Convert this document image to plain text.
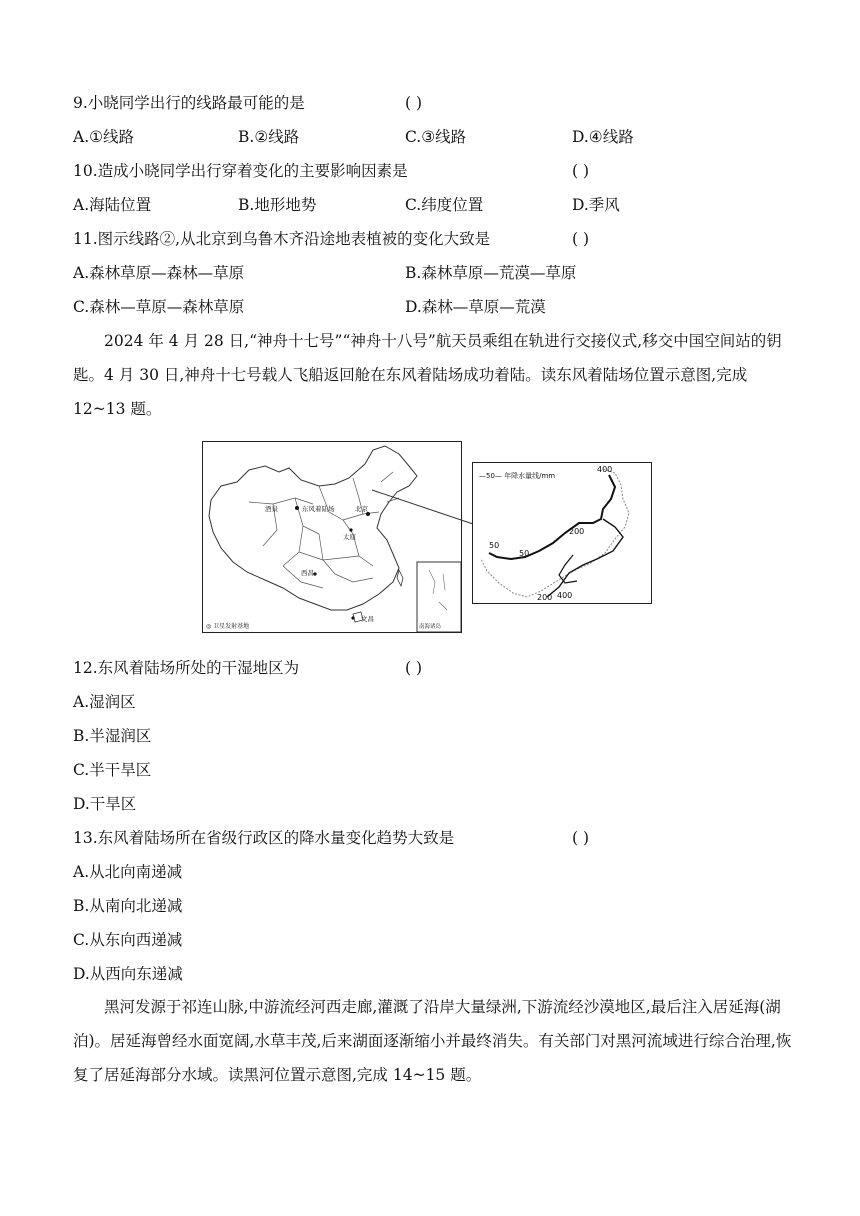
9.小晓同学出行的线路最可能的是	( )
A.①线路	B.②线路	C.③线路	D.④线路
10.造成小晓同学出行穿着变化的主要影响因素是	( )
A.海陆位置	B.地形地势	C.纬度位置	D.季风
11.图示线路②,从北京到乌鲁木齐沿途地表植被的变化大致是	( )
A.森林草原—森林—草原	B.森林草原—荒漠—草原
C.森林—草原—森林草原	D.森林—草原—荒漠

2024 年 4 月 28 日,“神舟十七号”“神舟十八号”航天员乘组在轨进行交接仪式,移交中国空间站的钥匙。4 月 30 日,神舟十七号载人飞船返回舱在东风着陆场成功着陆。读东风着陆场位置示意图,完成 12~13 题。

酒泉	东风着陆场	北京
太原
西昌
文昌
◎ 卫星发射基地	南海诸岛
—50— 年降水量线/mm
400
200
50
50
200 400
12.东风着陆场所处的干湿地区为	( )
A.湿润区
B.半湿润区
C.半干旱区
D.干旱区
13.东风着陆场所在省级行政区的降水量变化趋势大致是	( )
A.从北向南递减
B.从南向北递减
C.从东向西递减
D.从西向东递减

黑河发源于祁连山脉,中游流经河西走廊,灌溉了沿岸大量绿洲,下游流经沙漠地区,最后注入居延海(湖泊)。居延海曾经水面宽阔,水草丰茂,后来湖面逐渐缩小并最终消失。有关部门对黑河流域进行综合治理,恢复了居延海部分水域。读黑河位置示意图,完成 14~15 题。
